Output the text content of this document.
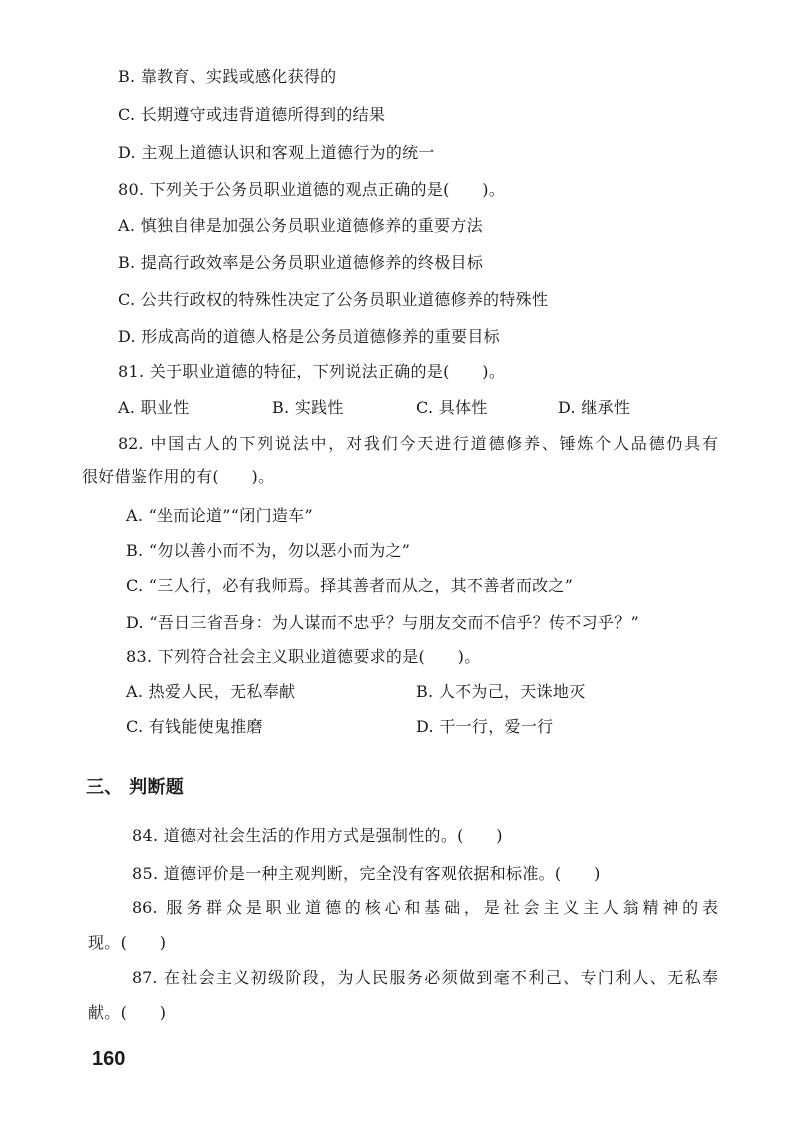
B. 靠教育、实践或感化获得的
C. 长期遵守或违背道德所得到的结果
D. 主观上道德认识和客观上道德行为的统一
80. 下列关于公务员职业道德的观点正确的是(　　)。
A. 慎独自律是加强公务员职业道德修养的重要方法
B. 提高行政效率是公务员职业道德修养的终极目标
C. 公共行政权的特殊性决定了公务员职业道德修养的特殊性
D. 形成高尚的道德人格是公务员道德修养的重要目标
81. 关于职业道德的特征，下列说法正确的是(　　)。
A. 职业性	B. 实践性	C. 具体性	D. 继承性
82. 中国古人的下列说法中，对我们今天进行道德修养、锤炼个人品德仍具有
很好借鉴作用的有(　　)。
A. “坐而论道”“闭门造车”
B. “勿以善小而不为，勿以恶小而为之”
C. “三人行，必有我师焉。择其善者而从之，其不善者而改之”
D. “吾日三省吾身：为人谋而不忠乎？与朋友交而不信乎？传不习乎？”
83. 下列符合社会主义职业道德要求的是(　　)。
A. 热爱人民，无私奉献	B. 人不为己，天诛地灭
C. 有钱能使鬼推磨	D. 干一行，爱一行
三、 判断题
84. 道德对社会生活的作用方式是强制性的。(　　)
85. 道德评价是一种主观判断，完全没有客观依据和标准。(　　)
86. 服务群众是职业道德的核心和基础，是社会主义主人翁精神的表
现。(　　)
87. 在社会主义初级阶段，为人民服务必须做到毫不利己、专门利人、无私奉
献。(　　)
160
